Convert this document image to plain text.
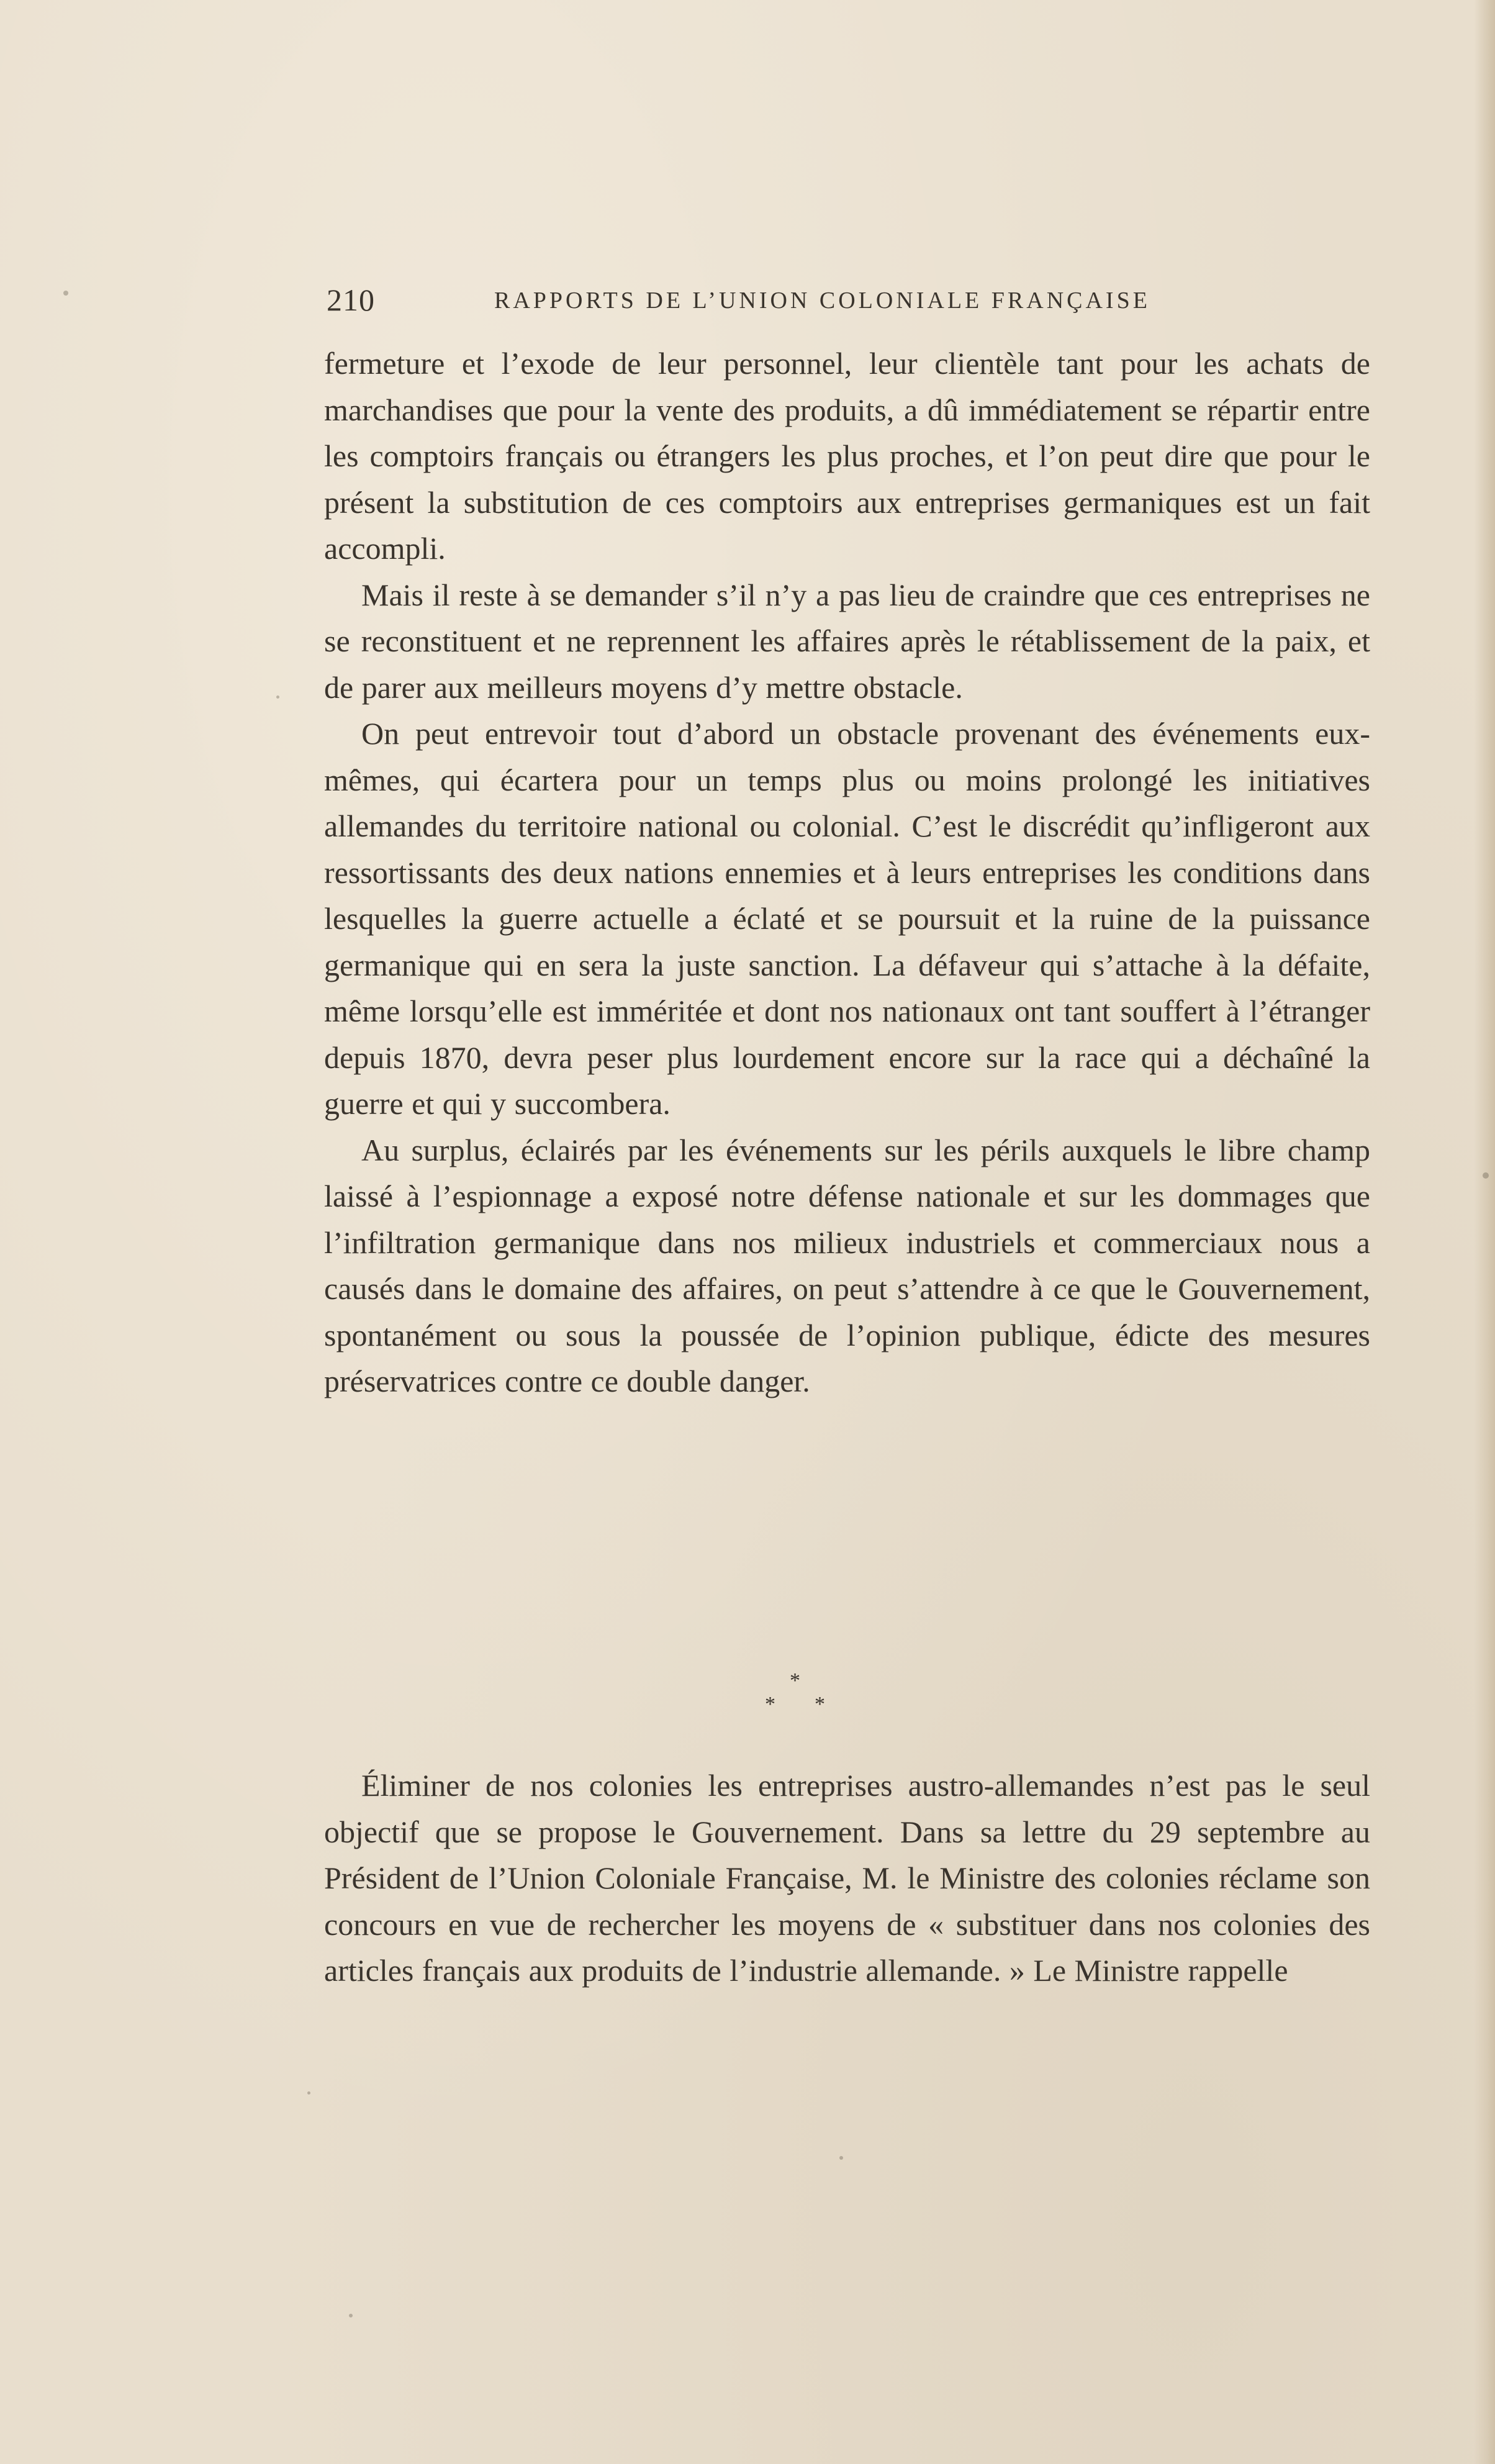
210	RAPPORTS DE L’UNION COLONIALE FRANÇAISE

fermeture et l’exode de leur personnel, leur clientèle tant pour les achats de marchandises que pour la vente des produits, a dû immédiatement se répartir entre les comptoirs français ou étrangers les plus proches, et l’on peut dire que pour le présent la substitution de ces comptoirs aux entreprises germaniques est un fait accompli.

Mais il reste à se demander s’il n’y a pas lieu de craindre que ces entreprises ne se reconstituent et ne reprennent les affaires après le rétablissement de la paix, et de parer aux meilleurs moyens d’y mettre obstacle.

On peut entrevoir tout d’abord un obstacle provenant des événements eux-mêmes, qui écartera pour un temps plus ou moins prolongé les initiatives allemandes du territoire national ou colonial. C’est le discrédit qu’infligeront aux ressortissants des deux nations ennemies et à leurs entreprises les conditions dans lesquelles la guerre actuelle a éclaté et se poursuit et la ruine de la puissance germanique qui en sera la juste sanction. La défaveur qui s’attache à la défaite, même lorsqu’elle est imméritée et dont nos nationaux ont tant souffert à l’étranger depuis 1870, devra peser plus lourdement encore sur la race qui a déchaîné la guerre et qui y succombera.

Au surplus, éclairés par les événements sur les périls auxquels le libre champ laissé à l’espionnage a exposé notre défense nationale et sur les dommages que l’infiltration germanique dans nos milieux industriels et commerciaux nous a causés dans le domaine des affaires, on peut s’attendre à ce que le Gouvernement, spontanément ou sous la poussée de l’opinion publique, édicte des mesures préservatrices contre ce double danger.

*
* *

Éliminer de nos colonies les entreprises austro-allemandes n’est pas le seul objectif que se propose le Gouvernement. Dans sa lettre du 29 septembre au Président de l’Union Coloniale Française, M. le Ministre des colonies réclame son concours en vue de rechercher les moyens de « substituer dans nos colonies des articles français aux produits de l’industrie allemande. » Le Ministre rappelle
